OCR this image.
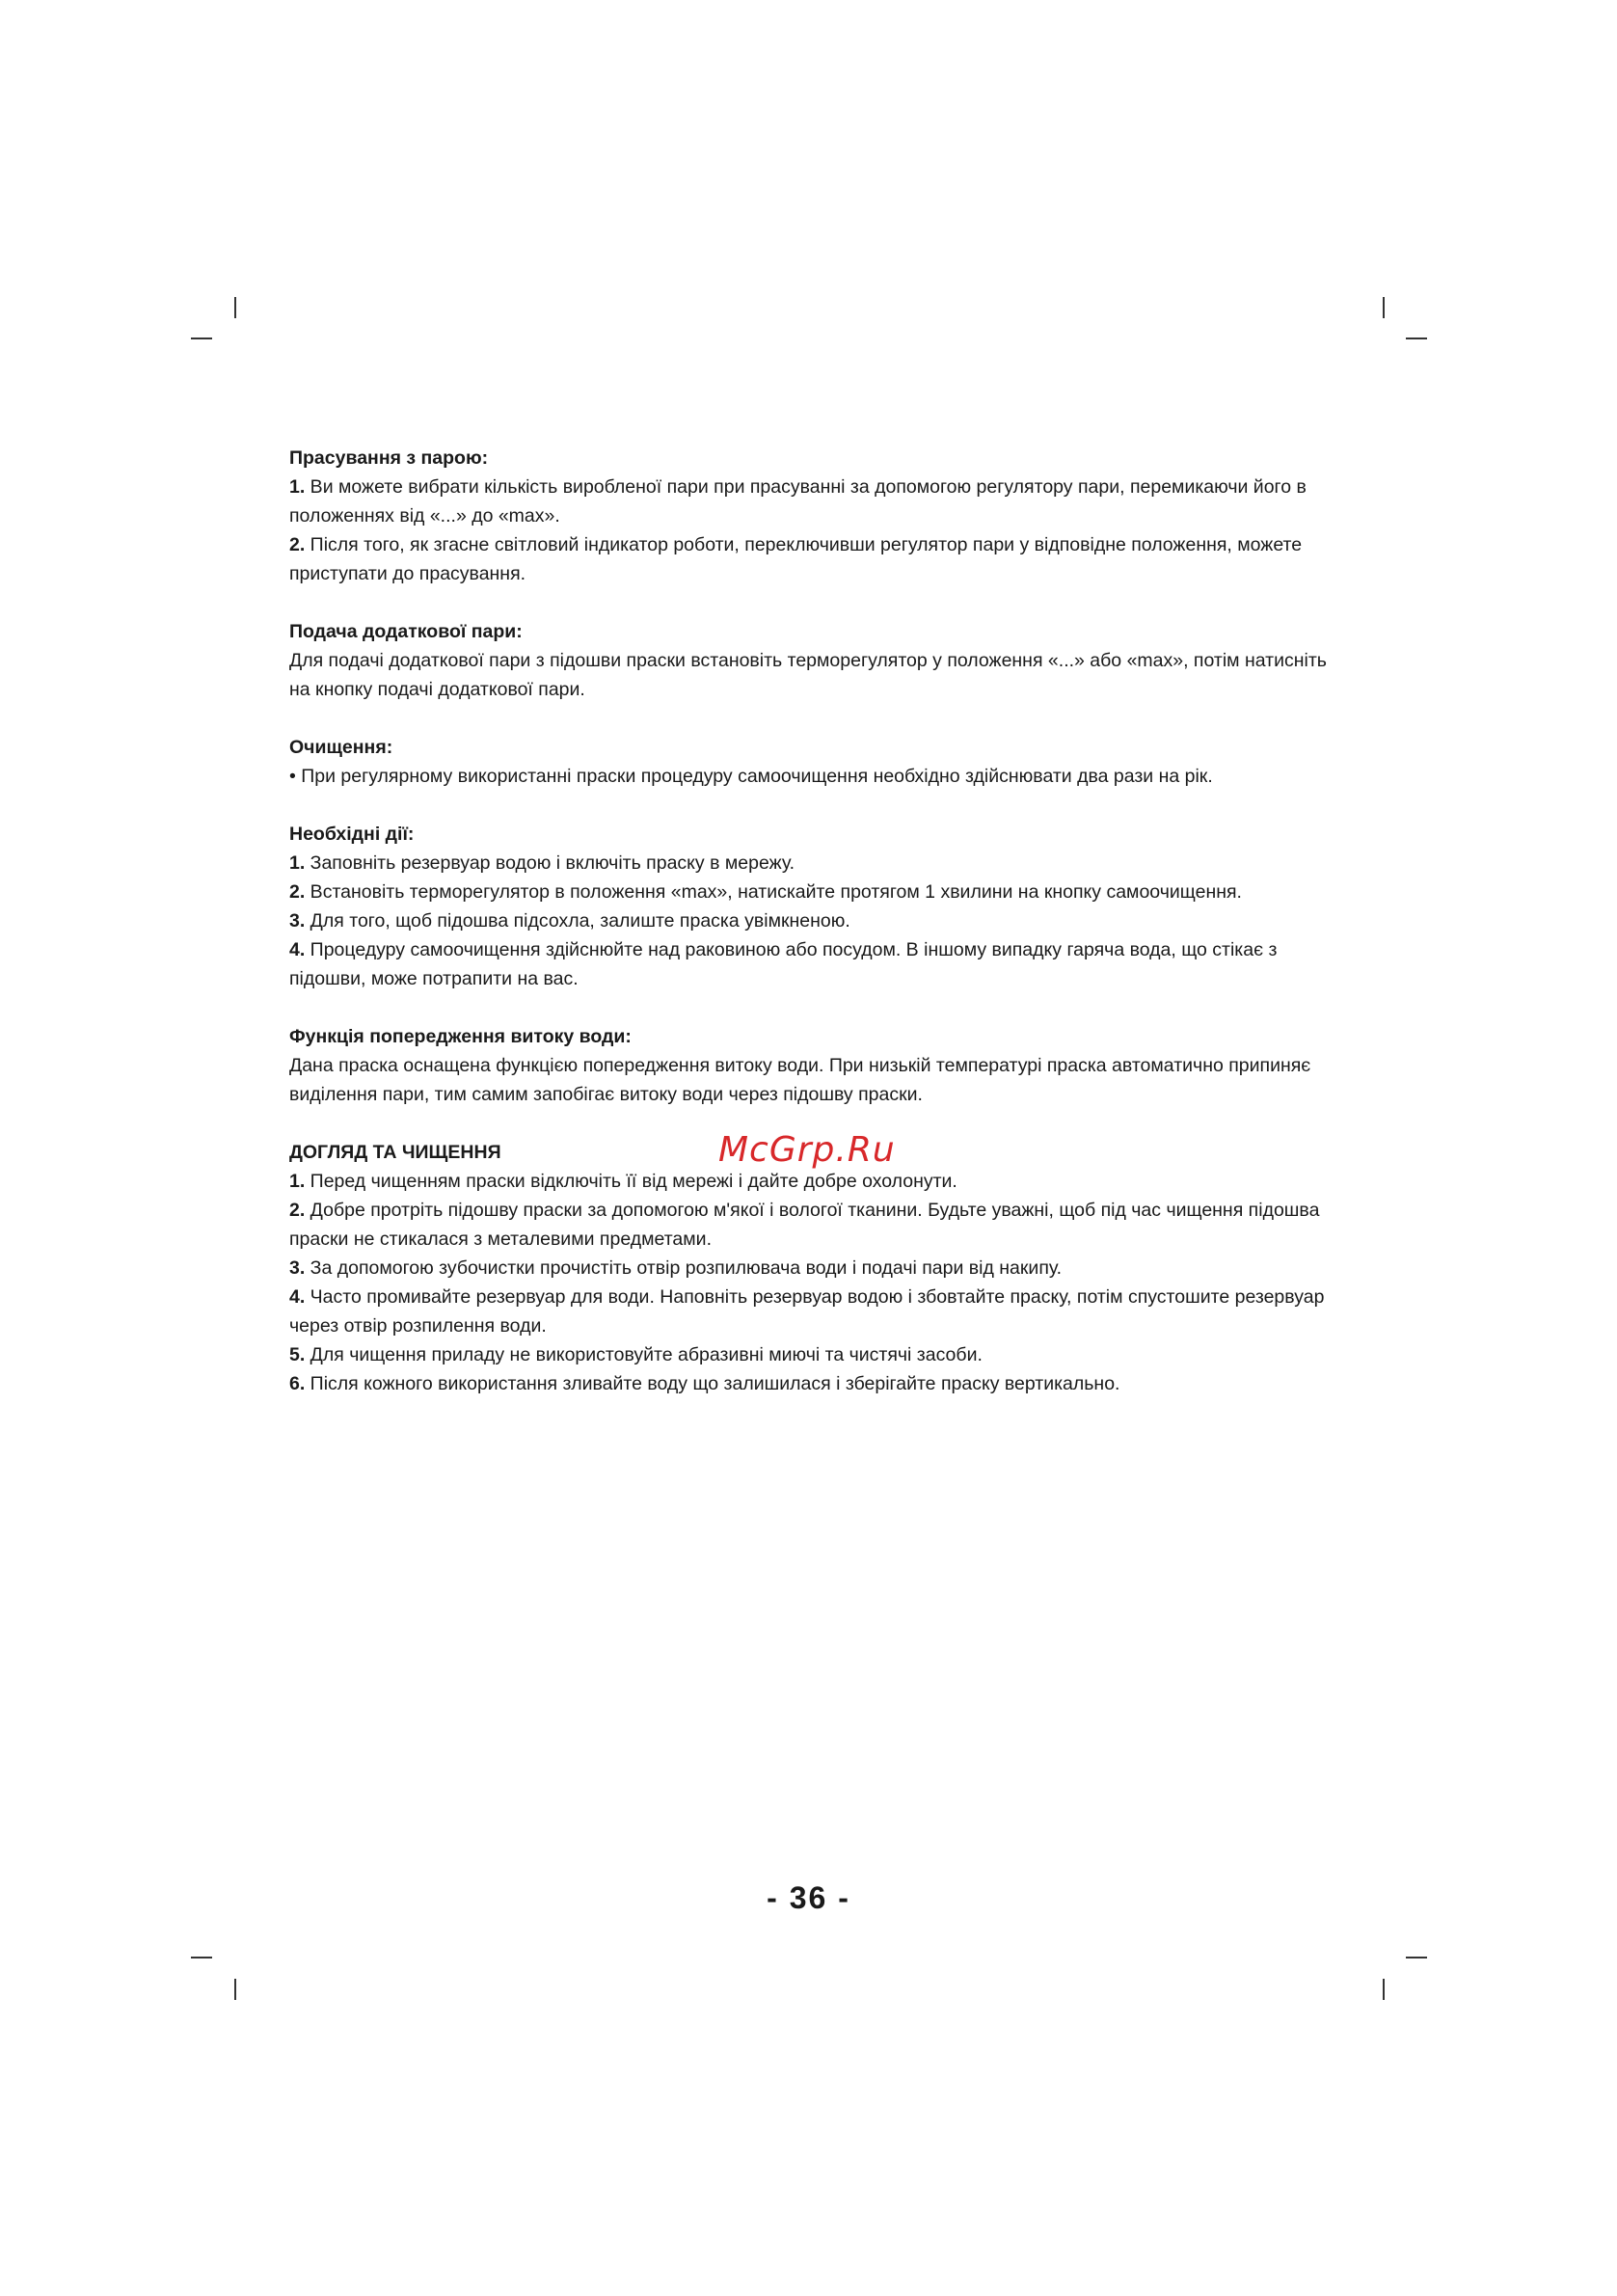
Прасування з парою:

1. Ви можете вибрати кількість виробленої пари при прасуванні за допомогою регулятору пари, перемикаючи його в положеннях від «...» до «max».

2. Після того, як згасне світловий індикатор роботи, переключивши регулятор пари у відповідне положення, можете приступати до прасування.

Подача додаткової пари:

Для подачі додаткової пари з підошви праски встановіть терморегулятор у положення «...» або «max», потім натисніть на кнопку подачі додаткової пари.

Очищення:

• При регулярному використанні праски процедуру самоочищення необхідно здійснювати два рази на рік.

Необхідні дії:

1. Заповніть резервуар водою і включіть праску в мережу.

2. Встановіть терморегулятор в положення «max», натискайте протягом 1 хвилини на кнопку самоочищення.

3. Для того, щоб підошва підсохла, залиште праска увімкненою.

4. Процедуру самоочищення здійснюйте над раковиною або посудом. В іншому випадку гаряча вода, що стікає з підошви, може потрапити на вас.

Функція попередження витоку води:

Дана праска оснащена функцією попередження витоку води. При низькій температурі праска автоматично припиняє виділення пари, тим самим запобігає витоку води через підошву праски.

ДОГЛЯД ТА ЧИЩЕННЯ

1. Перед чищенням праски відключіть її від мережі і дайте добре охолонути.

2. Добре протріть підошву праски за допомогою м'якої і вологої тканини. Будьте уважні, щоб під час чищення підошва праски не стикалася з металевими предметами.

3. За допомогою зубочистки прочистіть отвір розпилювача води і подачі пари від накипу.

4. Часто промивайте резервуар для води. Наповніть резервуар водою і збовтайте праску, потім спустошите резервуар через отвір розпилення води.

5. Для чищення приладу не використовуйте абразивні миючі та чистячі засоби.

6. Після кожного використання зливайте воду що залишилася і зберігайте праску вертикально.

McGrp.Ru
- 36 -
